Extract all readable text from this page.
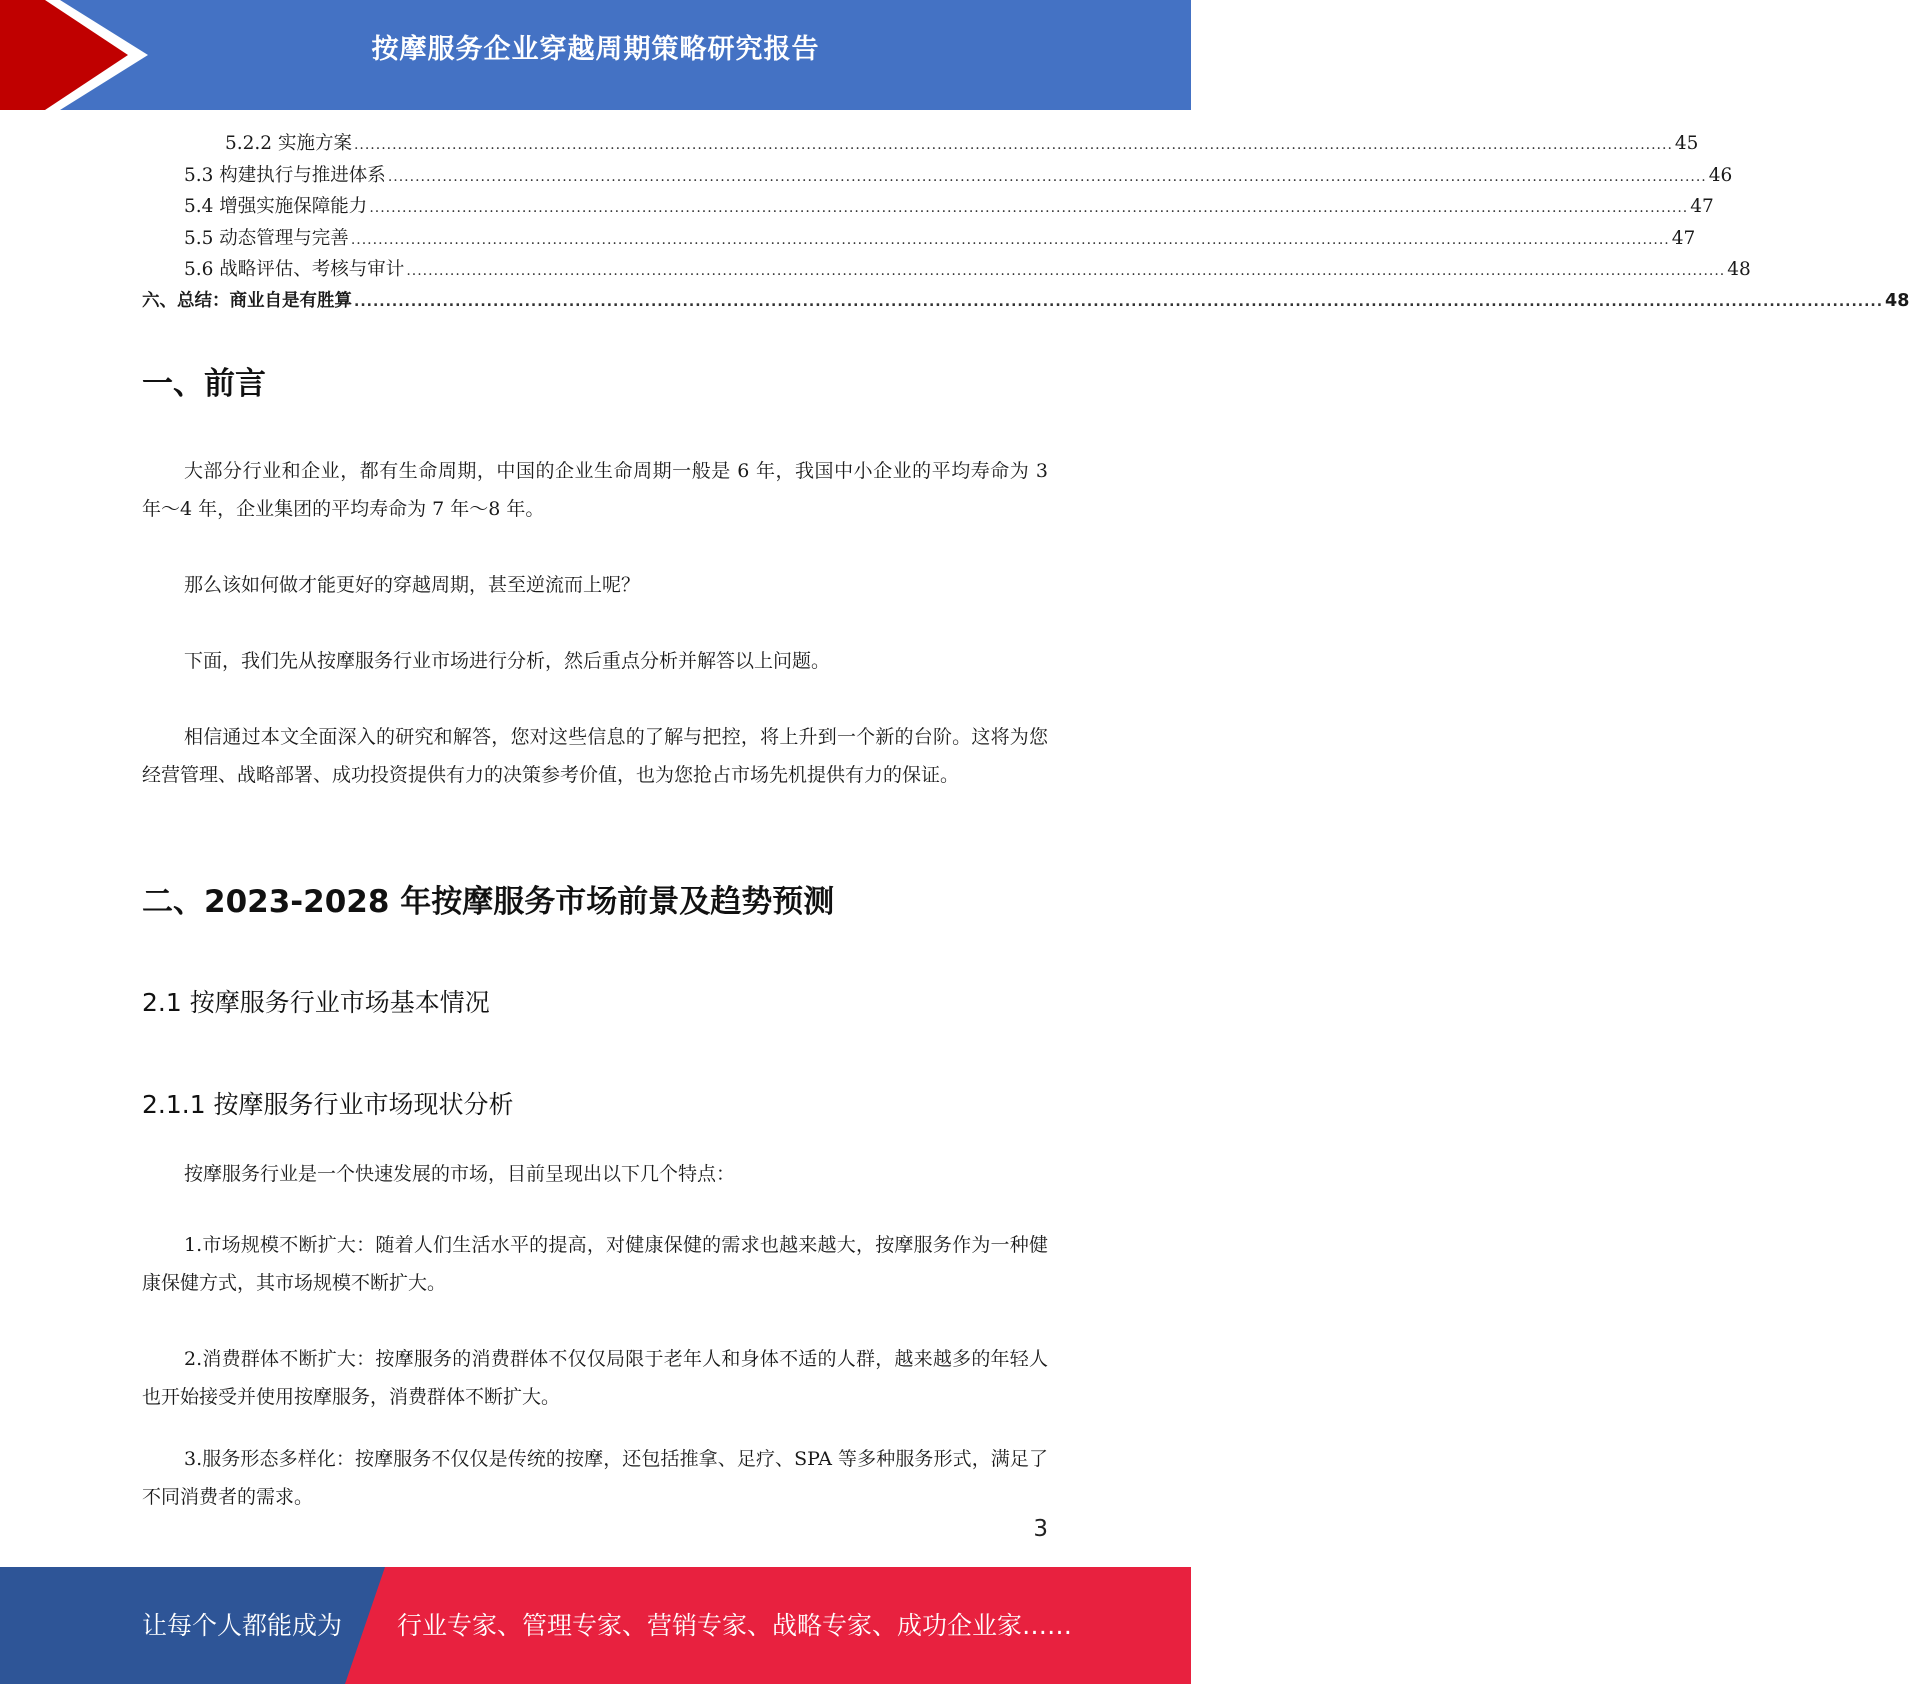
按摩服务企业穿越周期策略研究报告
5.2.2 实施方案 .................................................................................................................................................................................................................................................. 45
5.3 构建执行与推进体系 .................................................................................................................................................................................................................................................. 46
5.4 增强实施保障能力 .................................................................................................................................................................................................................................................. 47
5.5 动态管理与完善 .................................................................................................................................................................................................................................................. 47
5.6 战略评估、考核与审计 .................................................................................................................................................................................................................................................. 48
六、总结：商业自是有胜算 .................................................................................................................................................................................................................................................. 48
一、前言

大部分行业和企业，都有生命周期，中国的企业生命周期一般是 6 年，我国中小企业的平均寿命为 3 年～4 年，企业集团的平均寿命为 7 年～8 年。

那么该如何做才能更好的穿越周期，甚至逆流而上呢？

下面，我们先从按摩服务行业市场进行分析，然后重点分析并解答以上问题。

相信通过本文全面深入的研究和解答，您对这些信息的了解与把控，将上升到一个新的台阶。这将为您经营管理、战略部署、成功投资提供有力的决策参考价值，也为您抢占市场先机提供有力的保证。

二、2023-2028 年按摩服务市场前景及趋势预测
2.1 按摩服务行业市场基本情况
2.1.1 按摩服务行业市场现状分析

按摩服务行业是一个快速发展的市场，目前呈现出以下几个特点：

1.市场规模不断扩大：随着人们生活水平的提高，对健康保健的需求也越来越大，按摩服务作为一种健康保健方式，其市场规模不断扩大。

2.消费群体不断扩大：按摩服务的消费群体不仅仅局限于老年人和身体不适的人群，越来越多的年轻人也开始接受并使用按摩服务，消费群体不断扩大。

3.服务形态多样化：按摩服务不仅仅是传统的按摩，还包括推拿、足疗、SPA 等多种服务形式，满足了不同消费者的需求。

3
让每个人都能成为 行业专家、管理专家、营销专家、战略专家、成功企业家……
